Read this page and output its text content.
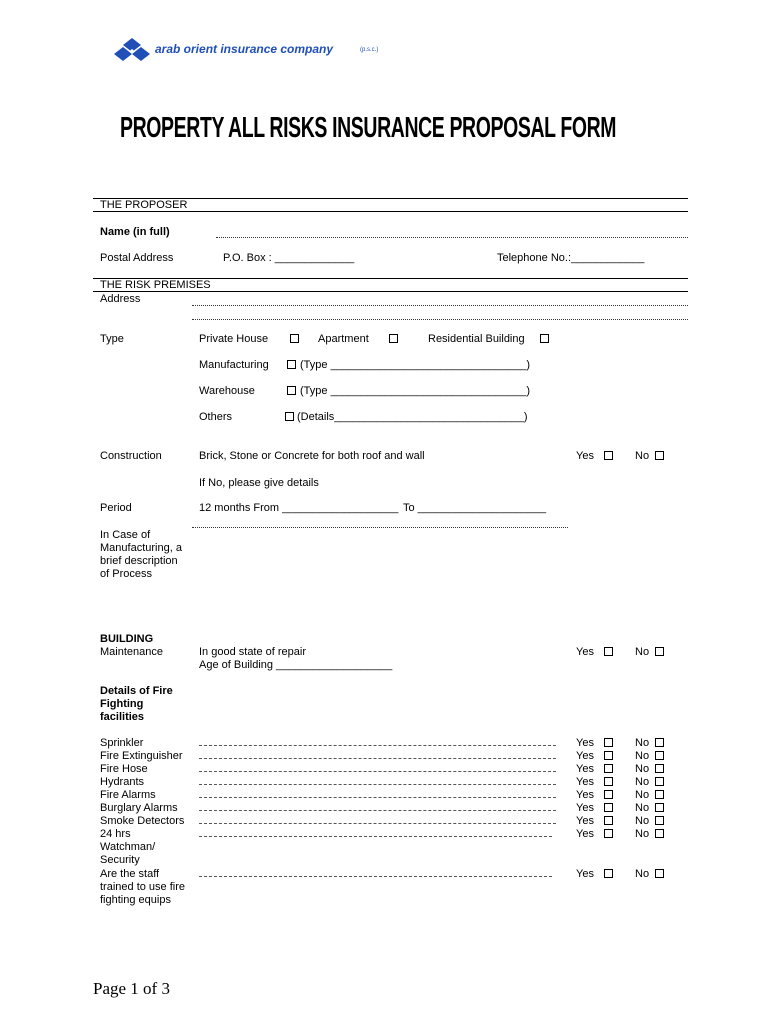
arab orient insurance company	(p.s.c.)
PROPERTY ALL RISKS INSURANCE PROPOSAL FORM
THE PROPOSER
Name (in full)
Postal Address	P.O. Box : _____________	Telephone No.:____________
THE RISK PREMISES
Address
Type	Private House	Apartment	Residential Building
Manufacturing	(Type ________________________________)
Warehouse	(Type ________________________________)
Others	(Details_______________________________)
Construction	Brick, Stone or Concrete for both roof and wall	Yes	No
If No, please give details
Period	12 months From ___________________ To _____________________
In Case of
Manufacturing, a
brief description
of Process
BUILDING
Maintenance	In good state of repair	Yes	No
Age of Building ___________________
Details of Fire
Fighting
facilities
Sprinkler	Yes	No
Fire Extinguisher	Yes	No
Fire Hose	Yes	No
Hydrants	Yes	No
Fire Alarms	Yes	No
Burglary Alarms	Yes	No
Smoke Detectors	Yes	No
24 hrs
Watchman/
Security
Yes	No
Are the staff
trained to use fire
fighting equips
Yes	No
Page 1 of 3
